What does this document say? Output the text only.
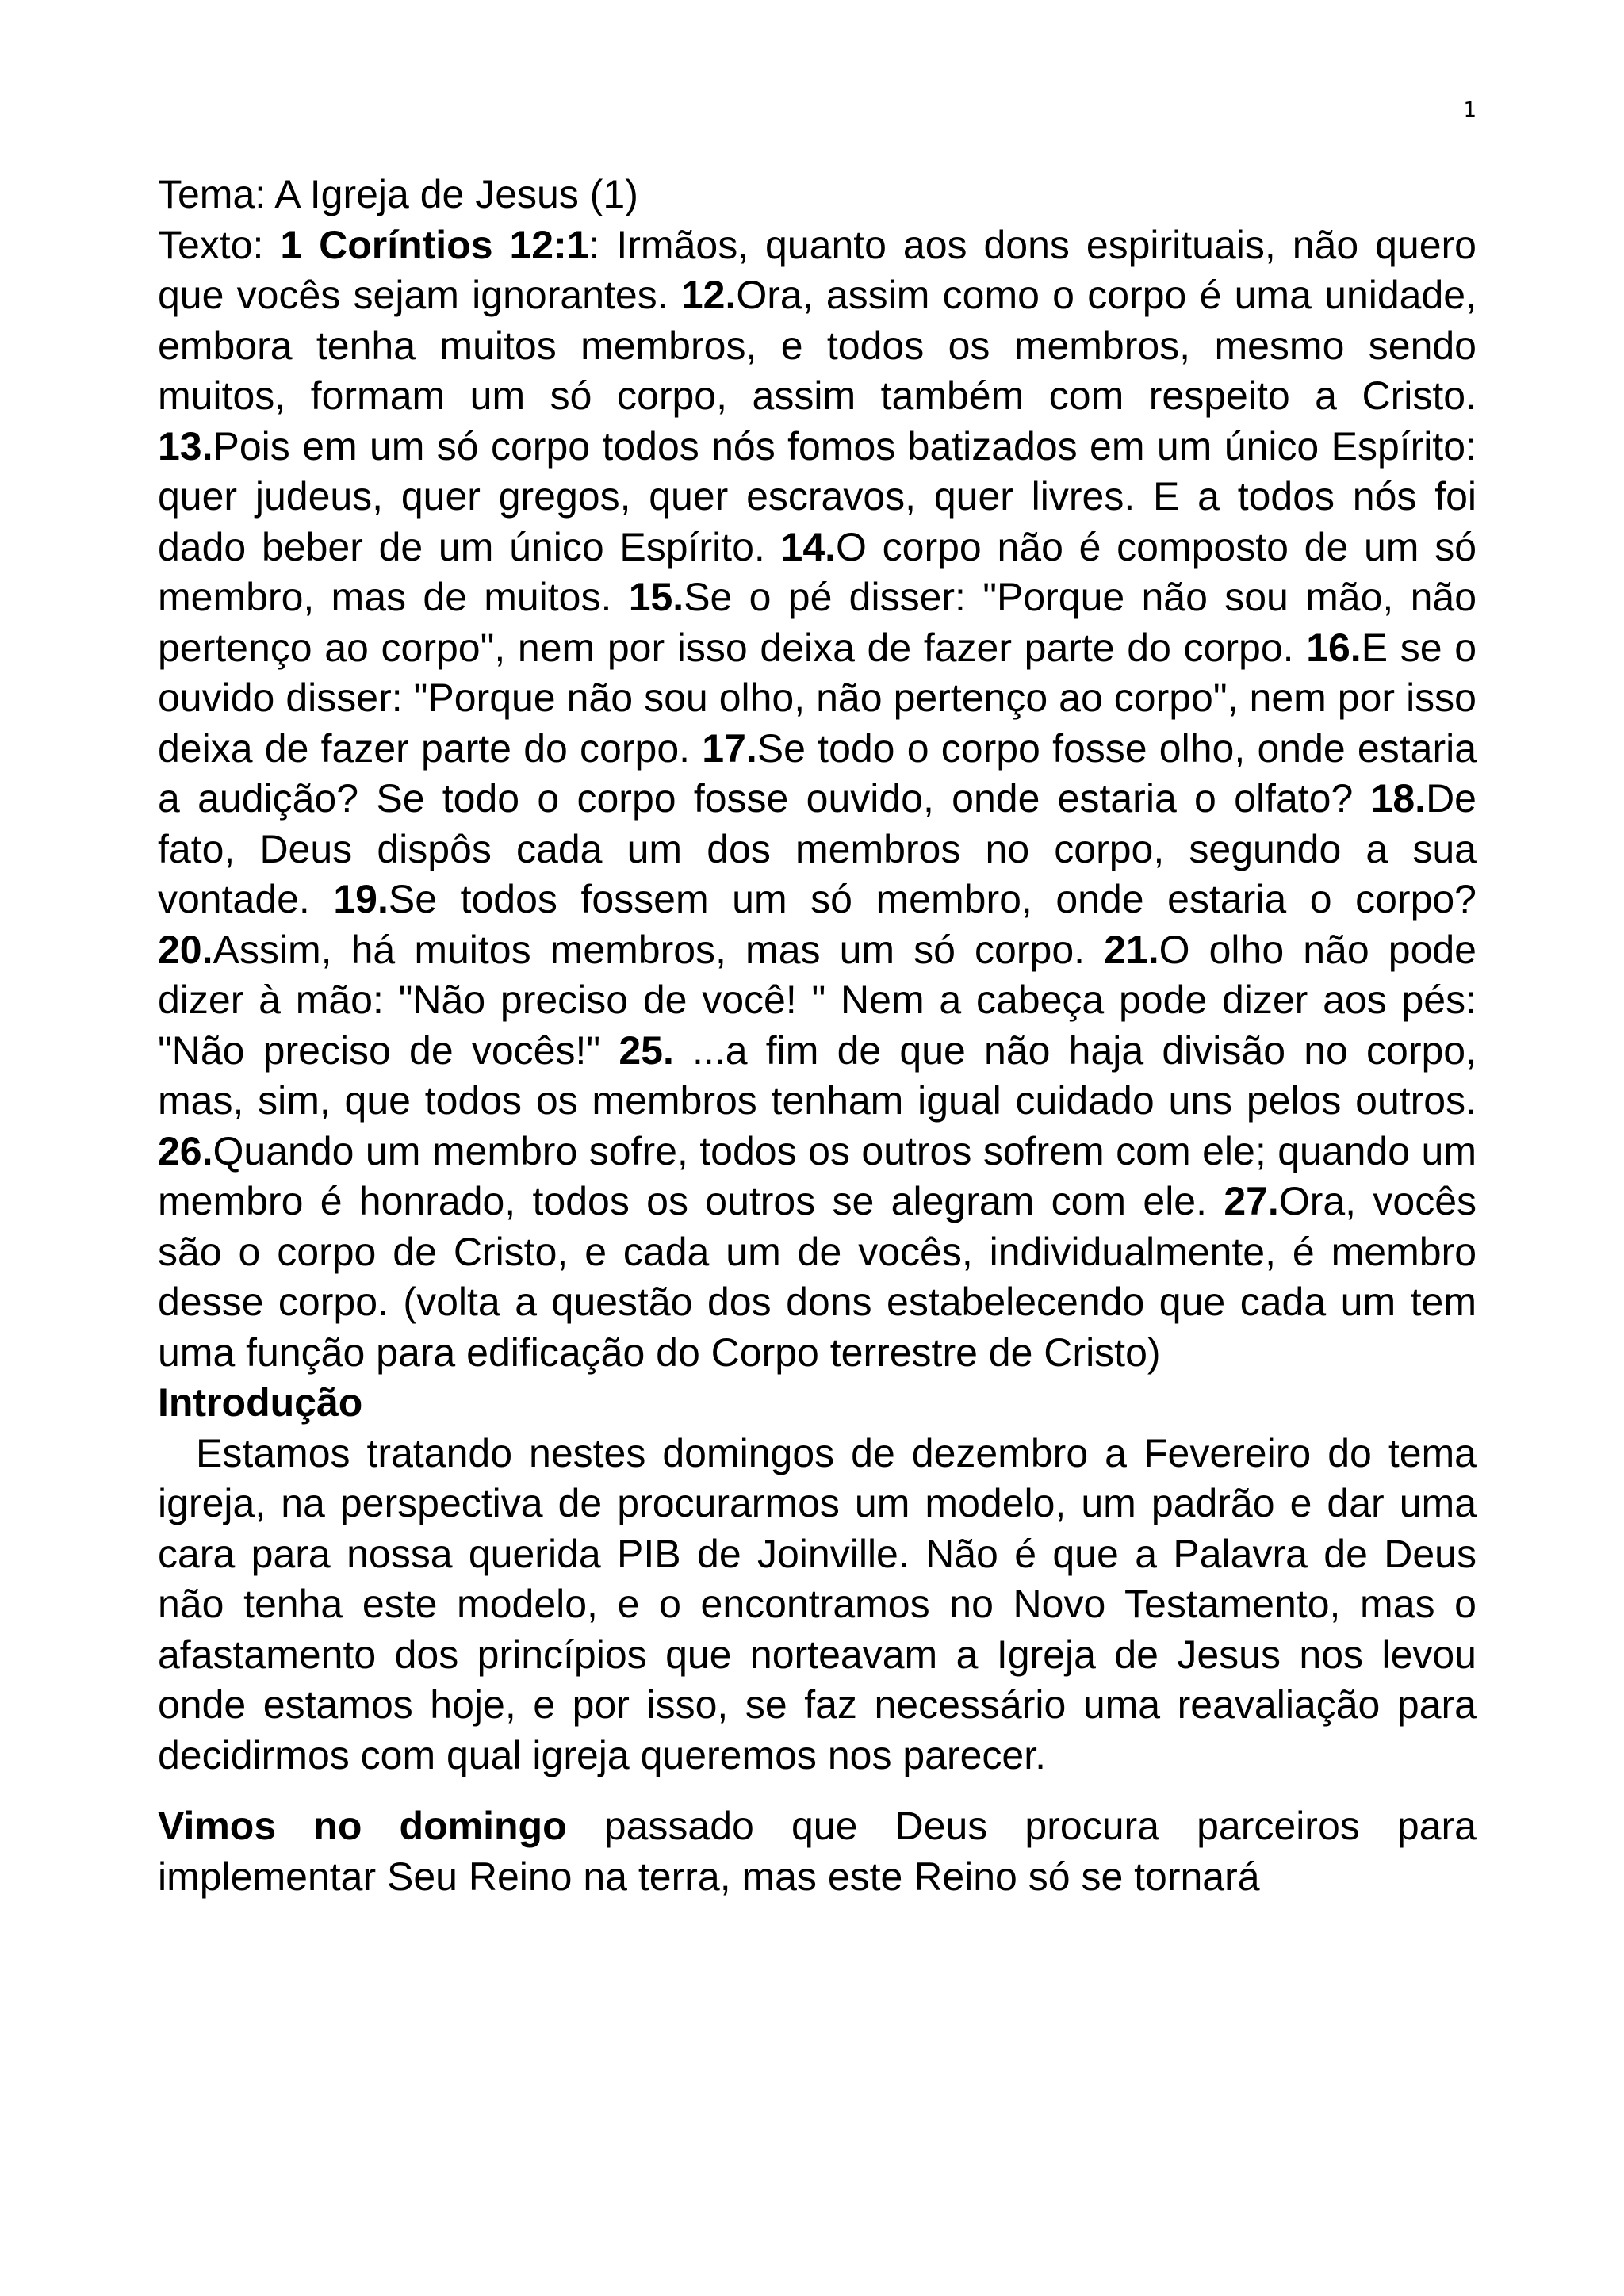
1
Tema: A Igreja de Jesus (1)

Texto: 1 Coríntios 12:1: Irmãos, quanto aos dons espirituais, não quero que vocês sejam ignorantes. 12.Ora, assim como o corpo é uma unidade, embora tenha muitos membros, e todos os membros, mesmo sendo muitos, formam um só corpo, assim também com respeito a Cristo. 13.Pois em um só corpo todos nós fomos batizados em um único Espírito: quer judeus, quer gregos, quer escravos, quer livres. E a todos nós foi dado beber de um único Espírito. 14.O corpo não é composto de um só membro, mas de muitos. 15.Se o pé disser: "Porque não sou mão, não pertenço ao corpo", nem por isso deixa de fazer parte do corpo. 16.E se o ouvido disser: "Porque não sou olho, não pertenço ao corpo", nem por isso deixa de fazer parte do corpo. 17.Se todo o corpo fosse olho, onde estaria a audição? Se todo o corpo fosse ouvido, onde estaria o olfato? 18.De fato, Deus dispôs cada um dos membros no corpo, segundo a sua vontade. 19.Se todos fossem um só membro, onde estaria o corpo? 20.Assim, há muitos membros, mas um só corpo. 21.O olho não pode dizer à mão: "Não preciso de você! " Nem a cabeça pode dizer aos pés: "Não preciso de vocês!" 25. ...a fim de que não haja divisão no corpo, mas, sim, que todos os membros tenham igual cuidado uns pelos outros. 26.Quando um membro sofre, todos os outros sofrem com ele; quando um membro é honrado, todos os outros se alegram com ele. 27.Ora, vocês são o corpo de Cristo, e cada um de vocês, individualmente, é membro desse corpo. (volta a questão dos dons estabelecendo que cada um tem uma função para edificação do Corpo terrestre de Cristo)

Introdução

Estamos tratando nestes domingos de dezembro a Fevereiro do tema igreja, na perspectiva de procurarmos um modelo, um padrão e dar uma cara para nossa querida PIB de Joinville. Não é que a Palavra de Deus não tenha este modelo, e o encontramos no Novo Testamento, mas o afastamento dos princípios que norteavam a Igreja de Jesus nos levou onde estamos hoje, e por isso, se faz necessário uma reavaliação para decidirmos com qual igreja queremos nos parecer.

Vimos no domingo passado que Deus procura parceiros para implementar Seu Reino na terra, mas este Reino só se tornará
